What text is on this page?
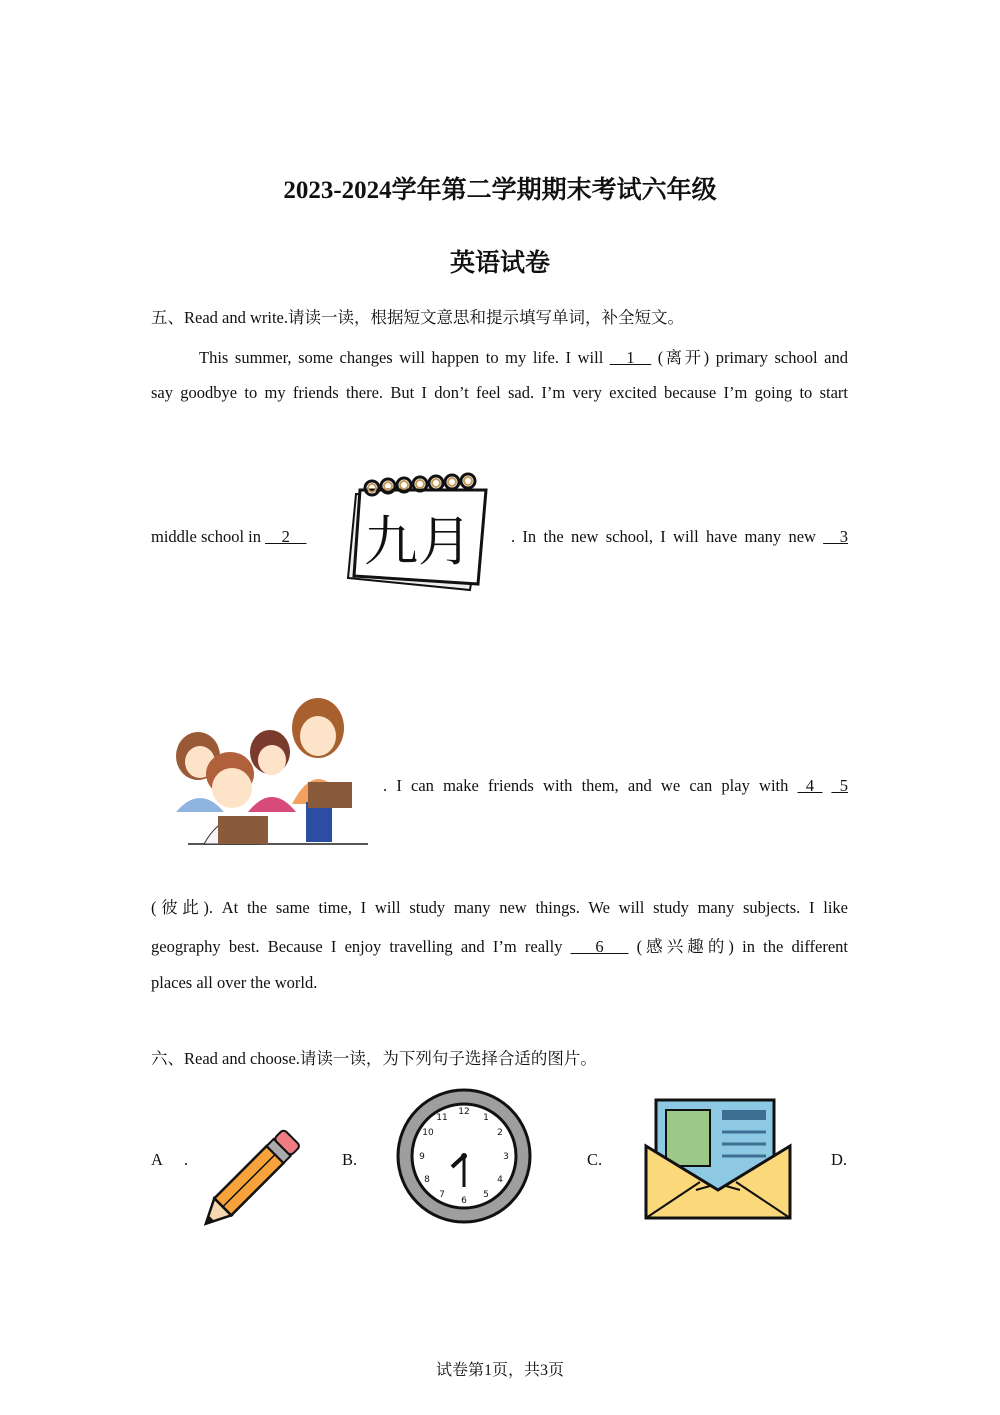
2023-2024学年第二学期期末考试六年级
英语试卷
五、Read and write.请读一读，根据短文意思和提示填写单词，补全短文。
This summer, some changes will happen to my life. I will __1__ (离开) primary school and
say goodbye to my friends there. But I don’t feel sad. I’m very excited because I’m going to start
middle school in __2__ 九月 . In the new school, I will have many new __3
. I can make friends with them, and we can play with _4_ _5
(彼此). At the same time, I will study many new things. We will study many subjects. I like
geography best. Because I enjoy travelling and I’m really ___6___ (感兴趣的) in the different
places all over the world.
六、Read and choose.请读一读，为下列句子选择合适的图片。
A .	B.
12
1
2
3
4
5
6
7
8
9
10
11
C.	D.
试卷第1页，共3页
